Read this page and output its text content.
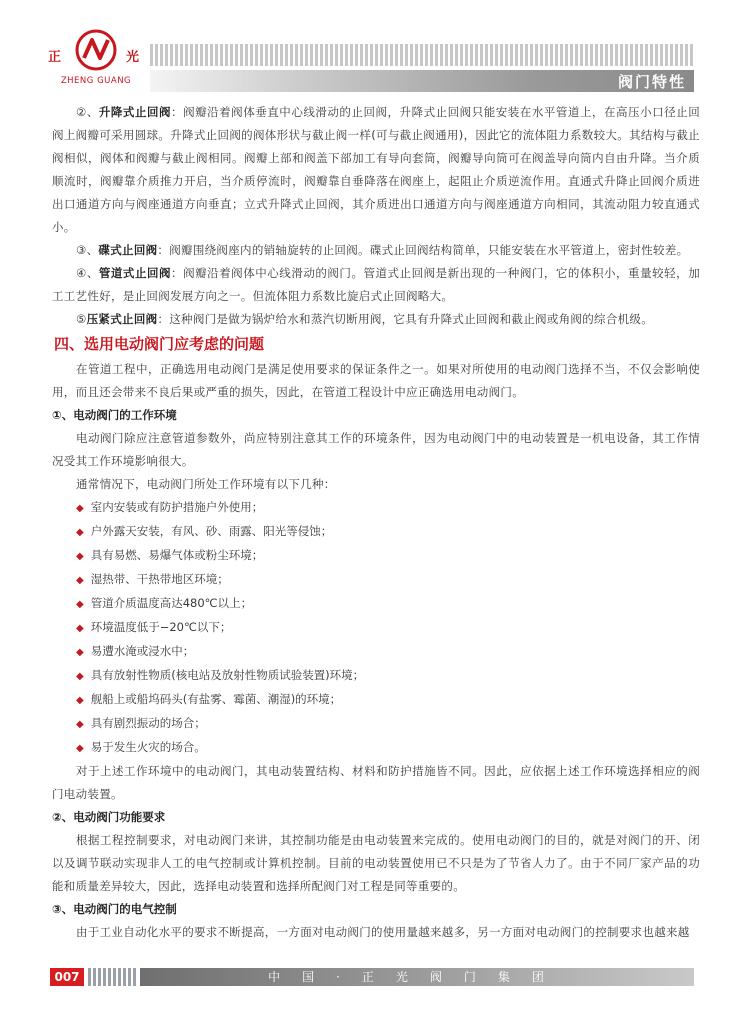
正	光
ZHENG GUANG	阀门特性

②、升降式止回阀：阀瓣沿着阀体垂直中心线滑动的止回阀，升降式止回阀只能安装在水平管道上，在高压小口径止回阀上阀瓣可采用圆球。升降式止回阀的阀体形状与截止阀一样(可与截止阀通用)，因此它的流体阻力系数较大。其结构与截止阀相似，阀体和阀瓣与截止阀相同。阀瓣上部和阀盖下部加工有导向套筒，阀瓣导向筒可在阀盖导向筒内自由升降。当介质顺流时，阀瓣靠介质推力开启，当介质停流时，阀瓣靠自垂降落在阀座上，起阻止介质逆流作用。直通式升降止回阀介质进出口通道方向与阀座通道方向垂直；立式升降式止回阀，其介质进出口通道方向与阀座通道方向相同，其流动阻力较直通式小。

③、碟式止回阀：阀瓣围绕阀座内的销轴旋转的止回阀。碟式止回阀结构简单，只能安装在水平管道上，密封性较差。

④、管道式止回阀：阀瓣沿着阀体中心线滑动的阀门。管道式止回阀是新出现的一种阀门，它的体积小，重量较轻，加工工艺性好，是止回阀发展方向之一。但流体阻力系数比旋启式止回阀略大。

⑤压紧式止回阀：这种阀门是做为锅炉给水和蒸汽切断用阀，它具有升降式止回阀和截止阀或角阀的综合机级。

四、选用电动阀门应考虑的问题

在管道工程中，正确选用电动阀门是满足使用要求的保证条件之一。如果对所使用的电动阀门选择不当，不仅会影响使用，而且还会带来不良后果或严重的损失，因此，在管道工程设计中应正确选用电动阀门。

①、电动阀门的工作环境

电动阀门除应注意管道参数外，尚应特别注意其工作的环境条件，因为电动阀门中的电动装置是一机电设备，其工作情况受其工作环境影响很大。

通常情况下，电动阀门所处工作环境有以下几种：

◆ 室内安装或有防护措施户外使用；

◆ 户外露天安装，有风、砂、雨露、阳光等侵蚀；

◆ 具有易燃、易爆气体或粉尘环境；

◆ 湿热带、干热带地区环境；

◆ 管道介质温度高达480℃以上；

◆ 环境温度低于−20℃以下；

◆ 易遭水淹或浸水中；

◆ 具有放射性物质(核电站及放射性物质试验装置)环境；

◆ 舰船上或船坞码头(有盐雾、霉菌、潮湿)的环境；

◆ 具有剧烈振动的场合；

◆ 易于发生火灾的场合。

对于上述工作环境中的电动阀门，其电动装置结构、材料和防护措施皆不同。因此，应依据上述工作环境选择相应的阀门电动装置。

②、电动阀门功能要求

根据工程控制要求，对电动阀门来讲，其控制功能是由电动装置来完成的。使用电动阀门的目的，就是对阀门的开、闭以及调节联动实现非人工的电气控制或计算机控制。目前的电动装置使用已不只是为了节省人力了。由于不同厂家产品的功能和质量差异较大，因此，选择电动装置和选择所配阀门对工程是同等重要的。

③、电动阀门的电气控制

由于工业自动化水平的要求不断提高，一方面对电动阀门的使用量越来越多，另一方面对电动阀门的控制要求也越来越

007	中国·正光阀门集团
